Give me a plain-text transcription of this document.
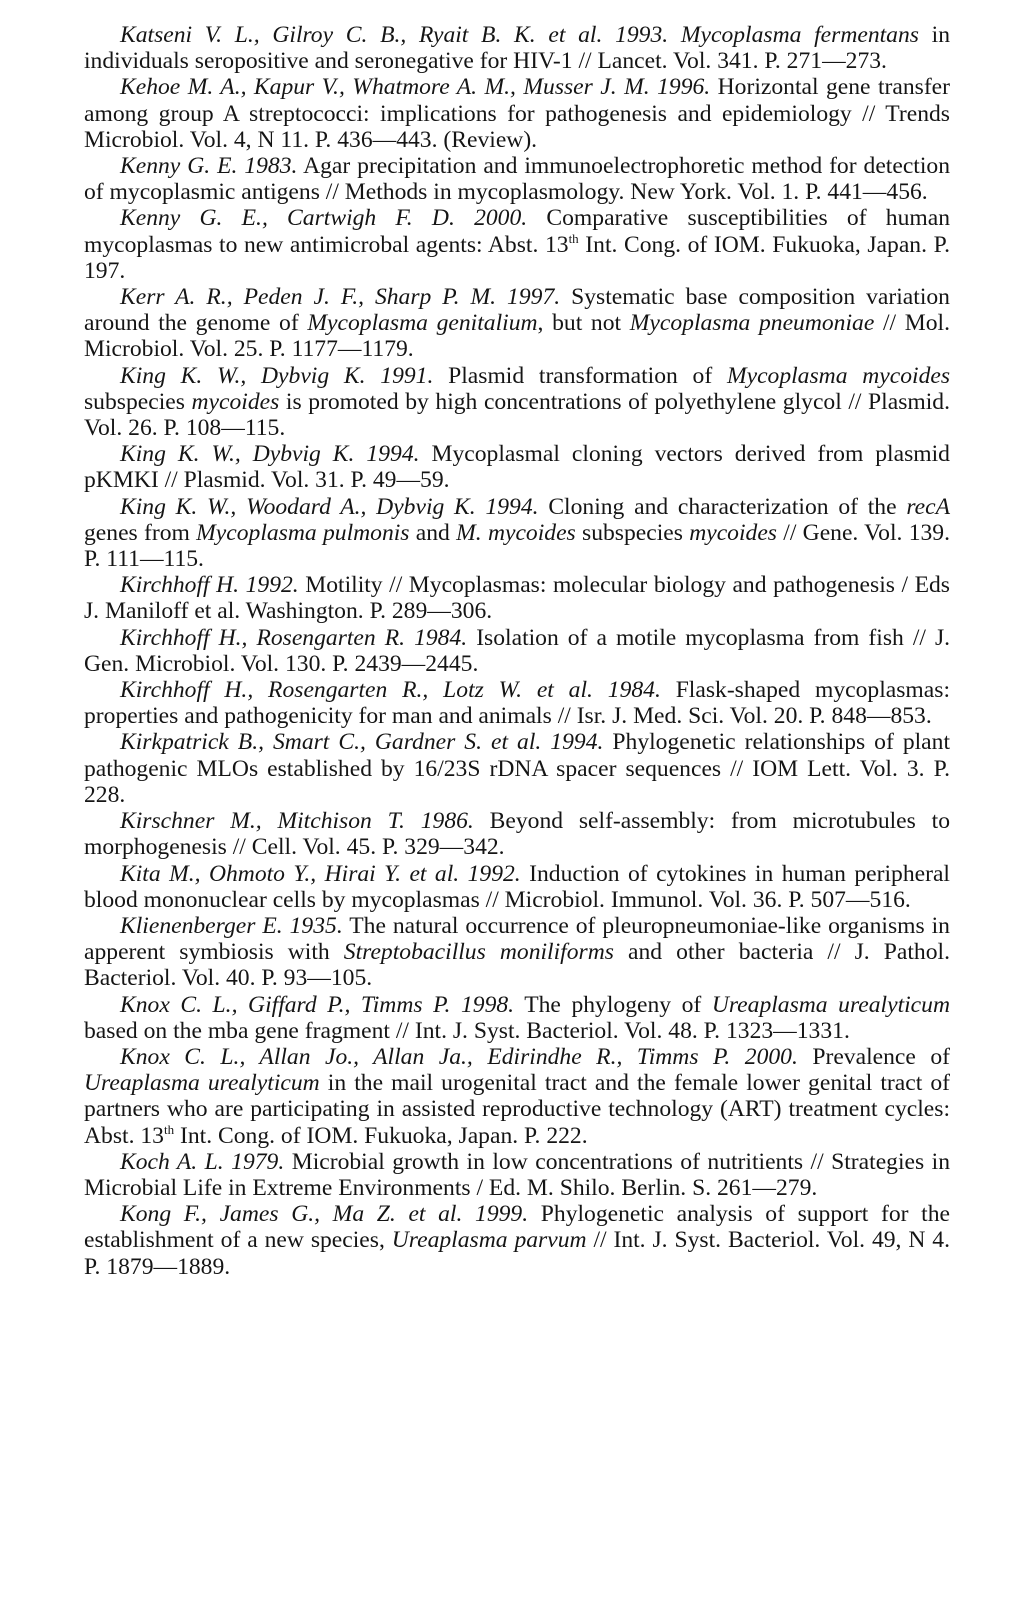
Katseni V. L., Gilroy C. B., Ryait B. K. et al. 1993. Mycoplasma fermentans in individuals seropositive and seronegative for HIV-1 // Lancet. Vol. 341. P. 271—273.

Kehoe M. A., Kapur V., Whatmore A. M., Musser J. M. 1996. Horizontal gene transfer among group A streptococci: implications for pathogenesis and epidemiology // Trends Microbiol. Vol. 4, N 11. P. 436—443. (Review).

Kenny G. E. 1983. Agar precipitation and immunoelectrophoretic method for detection of mycoplasmic antigens // Methods in mycoplasmology. New York. Vol. 1. P. 441—456.

Kenny G. E., Cartwigh F. D. 2000. Comparative susceptibilities of human mycoplasmas to new antimicrobal agents: Abst. 13th Int. Cong. of IOM. Fukuoka, Japan. P. 197.

Kerr A. R., Peden J. F., Sharp P. M. 1997. Systematic base composition variation around the genome of Mycoplasma genitalium, but not Mycoplasma pneumoniae // Mol. Microbiol. Vol. 25. P. 1177—1179.

King K. W., Dybvig K. 1991. Plasmid transformation of Mycoplasma mycoides subspecies mycoides is promoted by high concentrations of polyethylene glycol // Plasmid. Vol. 26. P. 108—115.

King K. W., Dybvig K. 1994. Mycoplasmal cloning vectors derived from plasmid pKMKI // Plasmid. Vol. 31. P. 49—59.

King K. W., Woodard A., Dybvig K. 1994. Cloning and characterization of the recA genes from Mycoplasma pulmonis and M. mycoides subspecies mycoides // Gene. Vol. 139. P. 111—115.

Kirchhoff H. 1992. Motility // Mycoplasmas: molecular biology and pathogenesis / Eds J. Maniloff et al. Washington. P. 289—306.

Kirchhoff H., Rosengarten R. 1984. Isolation of a motile mycoplasma from fish // J. Gen. Microbiol. Vol. 130. P. 2439—2445.

Kirchhoff H., Rosengarten R., Lotz W. et al. 1984. Flask-shaped mycoplasmas: properties and pathogenicity for man and animals // Isr. J. Med. Sci. Vol. 20. P. 848—853.

Kirkpatrick B., Smart C., Gardner S. et al. 1994. Phylogenetic relationships of plant pathogenic MLOs established by 16/23S rDNA spacer sequences // IOM Lett. Vol. 3. P. 228.

Kirschner M., Mitchison T. 1986. Beyond self-assembly: from microtubules to morphogenesis // Cell. Vol. 45. P. 329—342.

Kita M., Ohmoto Y., Hirai Y. et al. 1992. Induction of cytokines in human peripheral blood mononuclear cells by mycoplasmas // Microbiol. Immunol. Vol. 36. P. 507—516.

Klienenberger E. 1935. The natural occurrence of pleuropneumoniae-like organisms in apperent symbiosis with Streptobacillus moniliforms and other bacteria // J. Pathol. Bacteriol. Vol. 40. P. 93—105.

Knox C. L., Giffard P., Timms P. 1998. The phylogeny of Ureaplasma urealyticum based on the mba gene fragment // Int. J. Syst. Bacteriol. Vol. 48. P. 1323—1331.

Knox C. L., Allan Jo., Allan Ja., Edirindhe R., Timms P. 2000. Prevalence of Ureaplasma urealyticum in the mail urogenital tract and the female lower genital tract of partners who are participating in assisted reproductive technology (ART) treatment cycles: Abst. 13th Int. Cong. of IOM. Fukuoka, Japan. P. 222.

Koch A. L. 1979. Microbial growth in low concentrations of nutritients // Strategies in Microbial Life in Extreme Environments / Ed. M. Shilo. Berlin. S. 261—279.

Kong F., James G., Ma Z. et al. 1999. Phylogenetic analysis of support for the establishment of a new species, Ureaplasma parvum // Int. J. Syst. Bacteriol. Vol. 49, N 4. P. 1879—1889.
